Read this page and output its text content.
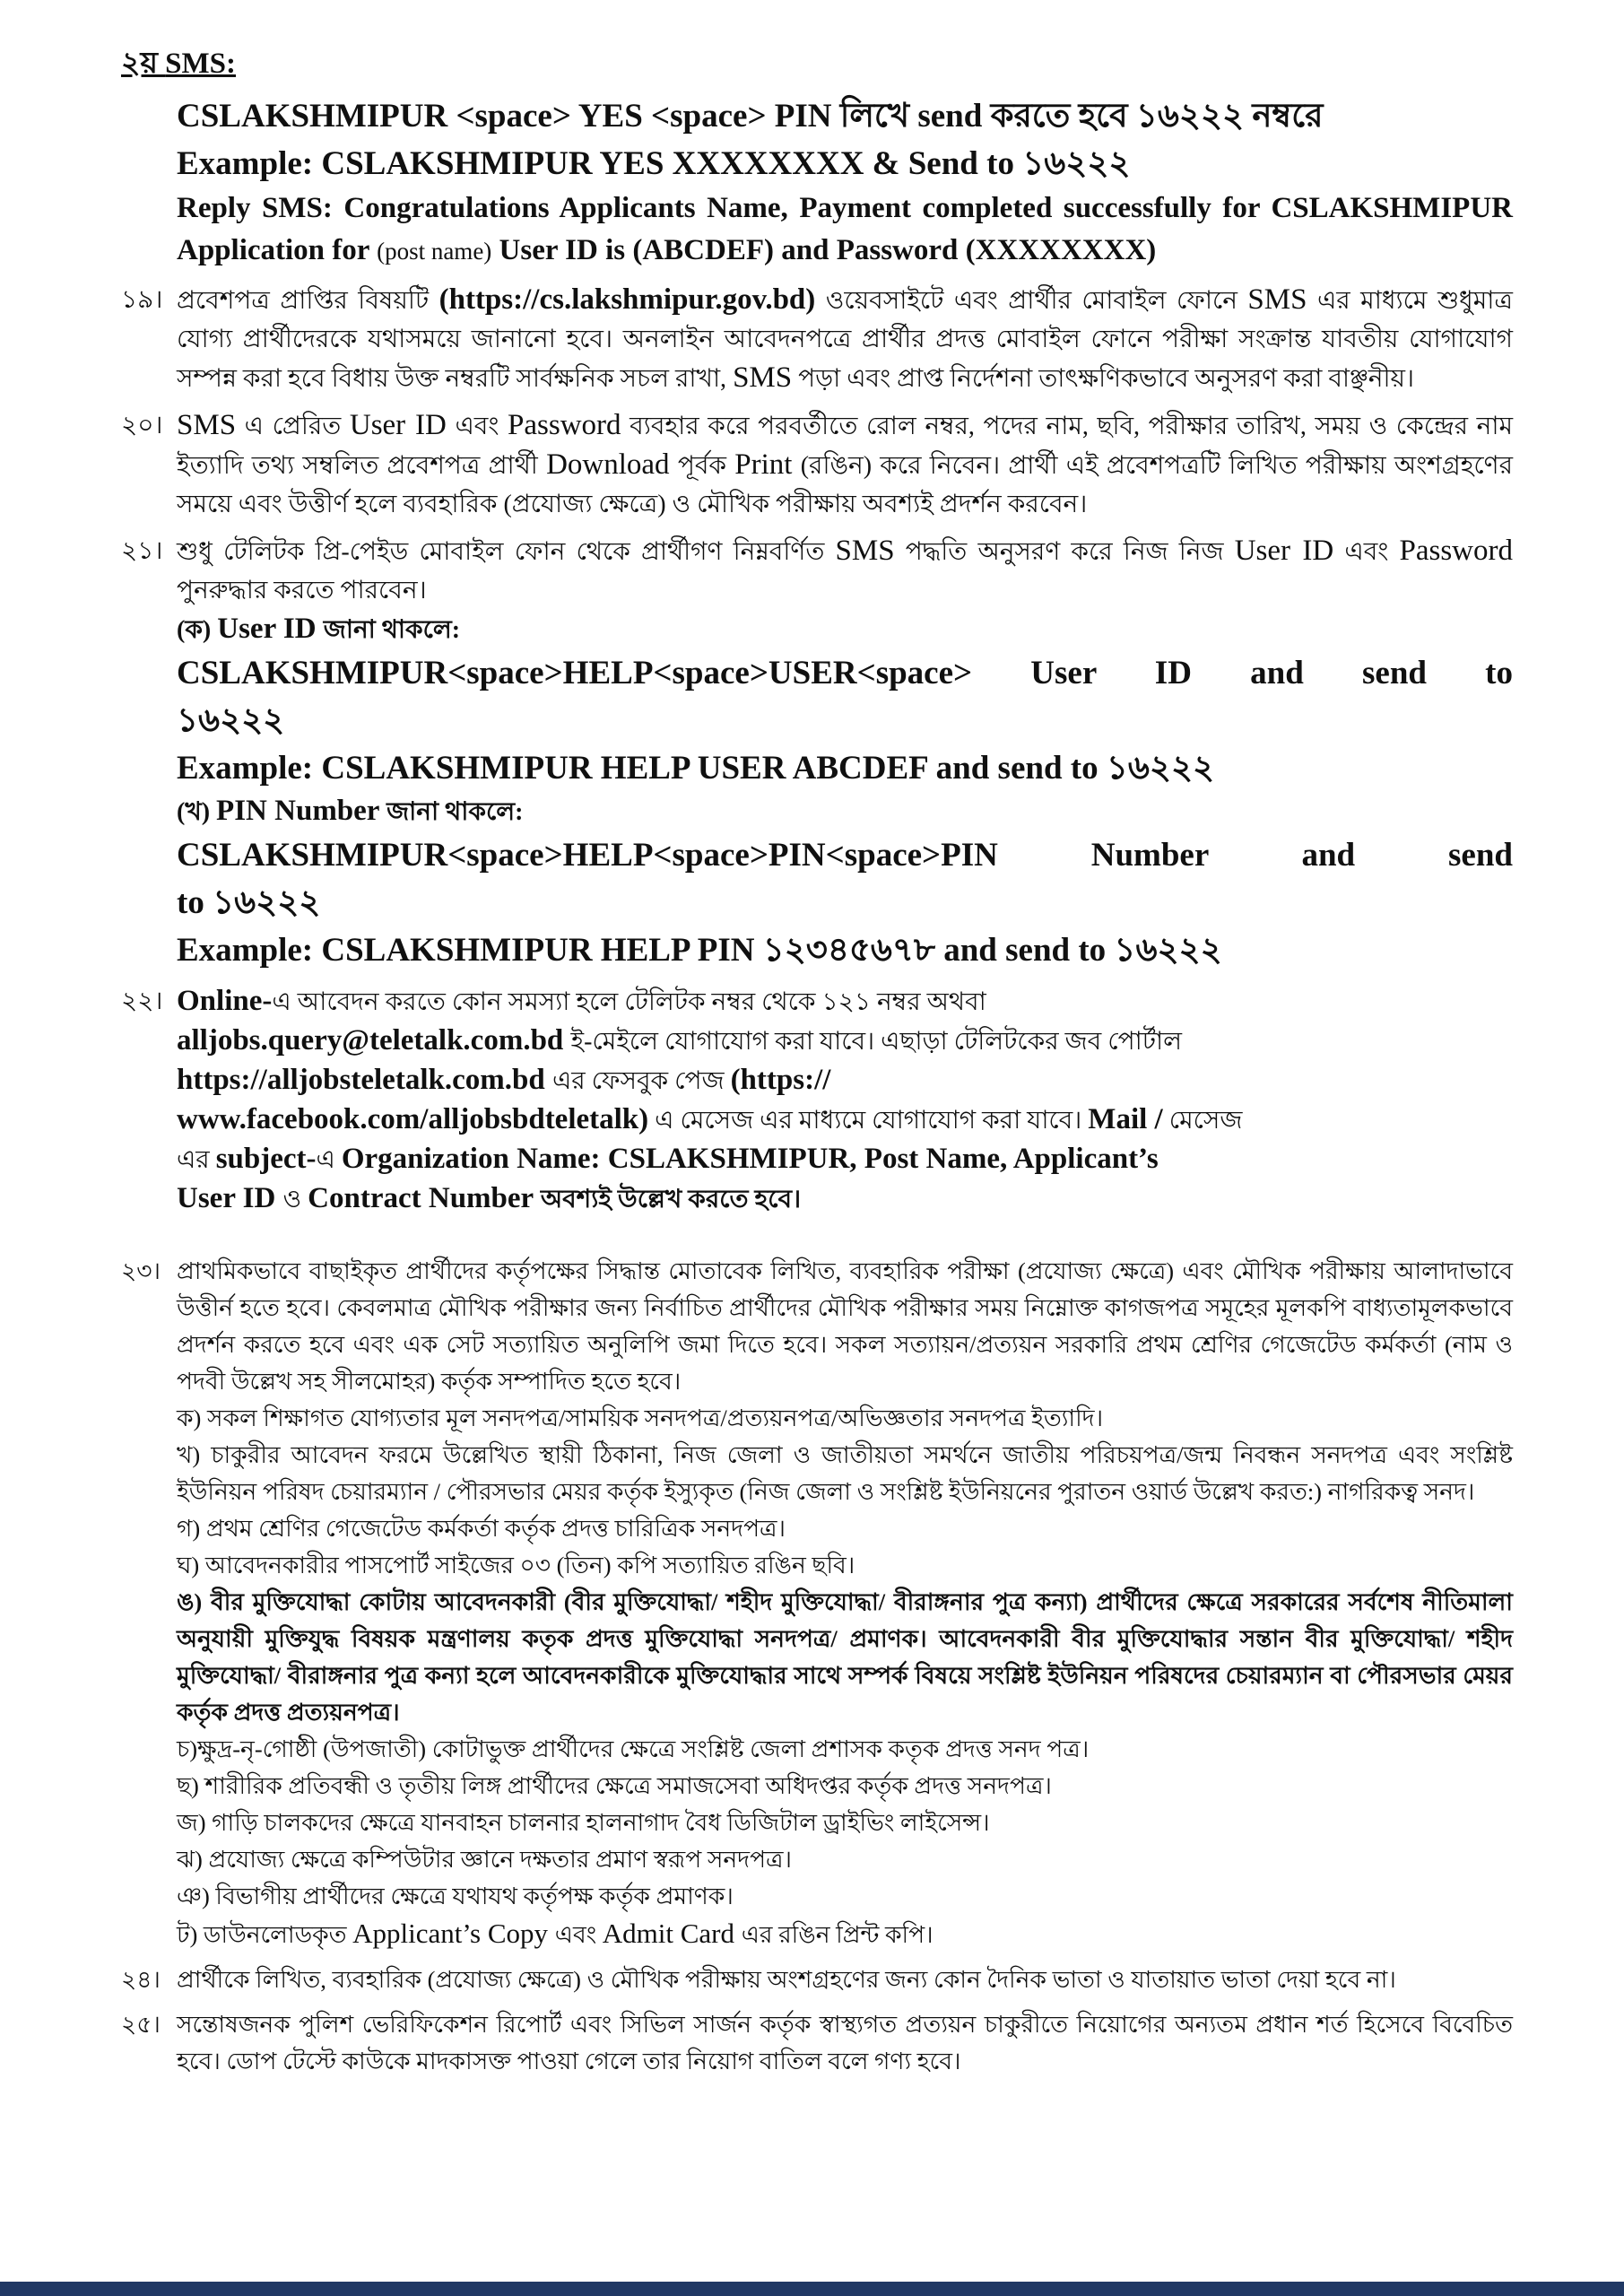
২য় SMS:
CSLAKSHMIPUR <space> YES <space> PIN লিখে send করতে হবে ১৬২২২ নম্বরে
Example: CSLAKSHMIPUR YES XXXXXXXX & Send to ১৬২২২
Reply SMS: Congratulations Applicants Name, Payment completed successfully for CSLAKSHMIPUR Application for (post name) User ID is (ABCDEF) and Password (XXXXXXXX)
১৯। প্রবেশপত্র প্রাপ্তির বিষয়টি (https://cs.lakshmipur.gov.bd) ওয়েবসাইটে এবং প্রার্থীর মোবাইল ফোনে SMS এর মাধ্যমে শুধুমাত্র যোগ্য প্রার্থীদেরকে যথাসময়ে জানানো হবে। অনলাইন আবেদনপত্রে প্রার্থীর প্রদত্ত মোবাইল ফোনে পরীক্ষা সংক্রান্ত যাবতীয় যোগাযোগ সম্পন্ন করা হবে বিধায় উক্ত নম্বরটি সার্বক্ষনিক সচল রাখা, SMS পড়া এবং প্রাপ্ত নির্দেশনা তাৎক্ষণিকভাবে অনুসরণ করা বাঞ্ছনীয়।
২০। SMS এ প্রেরিত User ID এবং Password ব্যবহার করে পরবর্তীতে রোল নম্বর, পদের নাম, ছবি, পরীক্ষার তারিখ, সময় ও কেন্দ্রের নাম ইত্যাদি তথ্য সম্বলিত প্রবেশপত্র প্রার্থী Download পূর্বক Print (রঙিন) করে নিবেন। প্রার্থী এই প্রবেশপত্রটি লিখিত পরীক্ষায় অংশগ্রহণের সময়ে এবং উত্তীর্ণ হলে ব্যবহারিক (প্রযোজ্য ক্ষেত্রে) ও মৌখিক পরীক্ষায় অবশ্যই প্রদর্শন করবেন।
২১। শুধু টেলিটক প্রি-পেইড মোবাইল ফোন থেকে প্রার্থীগণ নিম্নবর্ণিত SMS পদ্ধতি অনুসরণ করে নিজ নিজ User ID এবং Password পুনরুদ্ধার করতে পারবেন।
(ক) User ID জানা থাকলে:
CSLAKSHMIPUR<space>HELP<space>USER<space> User ID and send to
১৬২২২
Example: CSLAKSHMIPUR HELP USER ABCDEF and send to ১৬২২২
(খ) PIN Number জানা থাকলে:
CSLAKSHMIPUR<space>HELP<space>PIN<space>PIN Number and send
to ১৬২২২
Example: CSLAKSHMIPUR HELP PIN ১২৩৪৫৬৭৮ and send to ১৬২২২
২২। Online-এ আবেদন করতে কোন সমস্যা হলে টেলিটক নম্বর থেকে ১২১ নম্বর অথবা
alljobs.query@teletalk.com.bd ই-মেইলে যোগাযোগ করা যাবে। এছাড়া টেলিটকের জব পোর্টাল
https://alljobsteletalk.com.bd এর ফেসবুক পেজ (https://
www.facebook.com/alljobsbdteletalk) এ মেসেজ এর মাধ্যমে যোগাযোগ করা যাবে। Mail / মেসেজ
এর subject-এ Organization Name: CSLAKSHMIPUR, Post Name, Applicant’s
User ID ও Contract Number অবশ্যই উল্লেখ করতে হবে।
২৩। প্রাথমিকভাবে বাছাইকৃত প্রার্থীদের কর্তৃপক্ষের সিদ্ধান্ত মোতাবেক লিখিত, ব্যবহারিক পরীক্ষা (প্রযোজ্য ক্ষেত্রে) এবং মৌখিক পরীক্ষায় আলাদাভাবে উত্তীর্ন হতে হবে। কেবলমাত্র মৌখিক পরীক্ষার জন্য নির্বাচিত প্রার্থীদের মৌখিক পরীক্ষার সময় নিম্নোক্ত কাগজপত্র সমূহের মূলকপি বাধ্যতামূলকভাবে প্রদর্শন করতে হবে এবং এক সেট সত্যায়িত অনুলিপি জমা দিতে হবে। সকল সত্যায়ন/প্রত্যয়ন সরকারি প্রথম শ্রেণির গেজেটেড কর্মকর্তা (নাম ও পদবী উল্লেখ সহ সীলমোহর) কর্তৃক সম্পাদিত হতে হবে।
ক) সকল শিক্ষাগত যোগ্যতার মূল সনদপত্র/সাময়িক সনদপত্র/প্রত্যয়নপত্র/অভিজ্ঞতার সনদপত্র ইত্যাদি।
খ) চাকুরীর আবেদন ফরমে উল্লেখিত স্থায়ী ঠিকানা, নিজ জেলা ও জাতীয়তা সমর্থনে জাতীয় পরিচয়পত্র/জন্ম নিবন্ধন সনদপত্র এবং সংশ্লিষ্ট ইউনিয়ন পরিষদ চেয়ারম্যান / পৌরসভার মেয়র কর্তৃক ইস্যুকৃত (নিজ জেলা ও সংশ্লিষ্ট ইউনিয়নের পুরাতন ওয়ার্ড উল্লেখ করত:) নাগরিকত্ব সনদ।
গ) প্রথম শ্রেণির গেজেটেড কর্মকর্তা কর্তৃক প্রদত্ত চারিত্রিক সনদপত্র।
ঘ) আবেদনকারীর পাসপোর্ট সাইজের ০৩ (তিন) কপি সত্যায়িত রঙিন ছবি।
ঙ) বীর মুক্তিযোদ্ধা কোটায় আবেদনকারী (বীর মুক্তিযোদ্ধা/ শহীদ মুক্তিযোদ্ধা/ বীরাঙ্গনার পুত্র কন্যা) প্রার্থীদের ক্ষেত্রে সরকারের সর্বশেষ নীতিমালা অনুযায়ী মুক্তিযুদ্ধ বিষয়ক মন্ত্রণালয় কতৃক প্রদত্ত মুক্তিযোদ্ধা সনদপত্র/ প্রমাণক। আবেদনকারী বীর মুক্তিযোদ্ধার সন্তান বীর মুক্তিযোদ্ধা/ শহীদ মুক্তিযোদ্ধা/ বীরাঙ্গনার পুত্র কন্যা হলে আবেদনকারীকে মুক্তিযোদ্ধার সাথে সম্পর্ক বিষয়ে সংশ্লিষ্ট ইউনিয়ন পরিষদের চেয়ারম্যান বা পৌরসভার মেয়র কর্তৃক প্রদত্ত প্রত্যয়নপত্র।
চ)ক্ষুদ্র-নৃ-গোষ্ঠী (উপজাতী) কোটাভুক্ত প্রার্থীদের ক্ষেত্রে সংশ্লিষ্ট জেলা প্রশাসক কতৃক প্রদত্ত সনদ পত্র।
ছ) শারীরিক প্রতিবন্ধী ও তৃতীয় লিঙ্গ প্রার্থীদের ক্ষেত্রে সমাজসেবা অধিদপ্তর কর্তৃক প্রদত্ত সনদপত্র।
জ) গাড়ি চালকদের ক্ষেত্রে যানবাহন চালনার হালনাগাদ বৈধ ডিজিটাল ড্রাইভিং লাইসেন্স।
ঝ) প্রযোজ্য ক্ষেত্রে কম্পিউটার জ্ঞানে দক্ষতার প্রমাণ স্বরূপ সনদপত্র।
ঞ) বিভাগীয় প্রার্থীদের ক্ষেত্রে যথাযথ কর্তৃপক্ষ কর্তৃক প্রমাণক।
ট) ডাউনলোডকৃত Applicant’s Copy এবং Admit Card এর রঙিন প্রিন্ট কপি।
২৪। প্রার্থীকে লিখিত, ব্যবহারিক (প্রযোজ্য ক্ষেত্রে) ও মৌখিক পরীক্ষায় অংশগ্রহণের জন্য কোন দৈনিক ভাতা ও যাতায়াত ভাতা দেয়া হবে না।
২৫। সন্তোষজনক পুলিশ ভেরিফিকেশন রিপোর্ট এবং সিভিল সার্জন কর্তৃক স্বাস্থ্যগত প্রত্যয়ন চাকুরীতে নিয়োগের অন্যতম প্রধান শর্ত হিসেবে বিবেচিত হবে। ডোপ টেস্টে কাউকে মাদকাসক্ত পাওয়া গেলে তার নিয়োগ বাতিল বলে গণ্য হবে।
